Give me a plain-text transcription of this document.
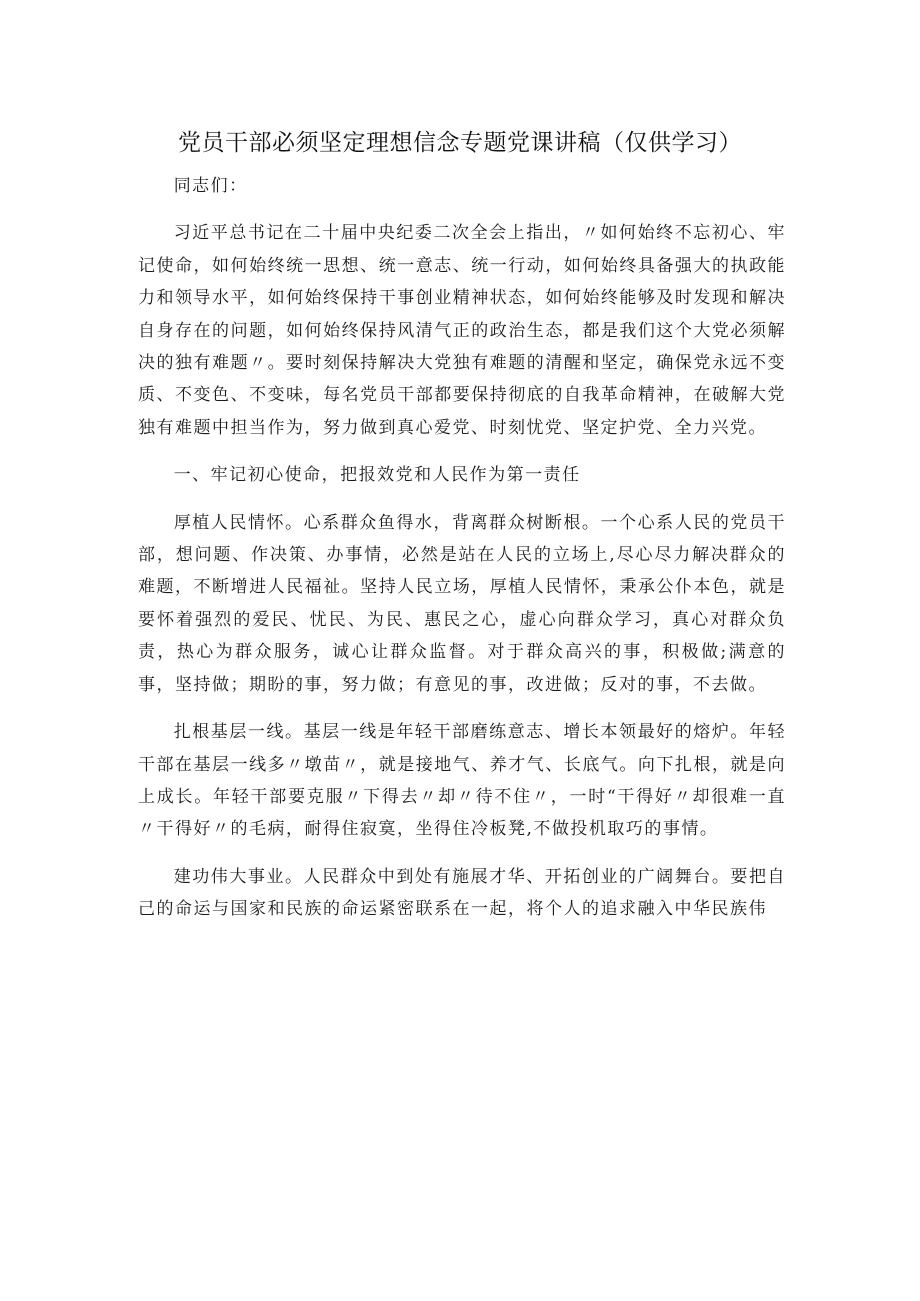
党员干部必须坚定理想信念专题党课讲稿（仅供学习）

同志们：

习近平总书记在二十届中央纪委二次全会上指出，〃如何始终不忘初心、牢记使命，如何始终统一思想、统一意志、统一行动，如何始终具备强大的执政能力和领导水平，如何始终保持干事创业精神状态，如何始终能够及时发现和解决自身存在的问题，如何始终保持风清气正的政治生态，都是我们这个大党必须解决的独有难题〃。要时刻保持解决大党独有难题的清醒和坚定，确保党永远不变质、不变色、不变味，每名党员干部都要保持彻底的自我革命精神，在破解大党独有难题中担当作为，努力做到真心爱党、时刻忧党、坚定护党、全力兴党。

一、牢记初心使命，把报效党和人民作为第一责任

厚植人民情怀。心系群众鱼得水，背离群众树断根。一个心系人民的党员干部，想问题、作决策、办事情，必然是站在人民的立场上,尽心尽力解决群众的难题，不断增进人民福祉。坚持人民立场，厚植人民情怀，秉承公仆本色，就是要怀着强烈的爱民、忧民、为民、惠民之心，虚心向群众学习，真心对群众负责，热心为群众服务，诚心让群众监督。对于群众高兴的事，积极做;满意的事，坚持做；期盼的事，努力做；有意见的事，改进做；反对的事，不去做。

扎根基层一线。基层一线是年轻干部磨练意志、增长本领最好的熔炉。年轻干部在基层一线多〃墩苗〃，就是接地气、养才气、长底气。向下扎根，就是向上成长。年轻干部要克服〃下得去〃却〃待不住〃，一时“干得好〃却很难一直〃干得好〃的毛病，耐得住寂寞，坐得住冷板凳,不做投机取巧的事情。

建功伟大事业。人民群众中到处有施展才华、开拓创业的广阔舞台。要把自己的命运与国家和民族的命运紧密联系在一起，将个人的追求融入中华民族伟
